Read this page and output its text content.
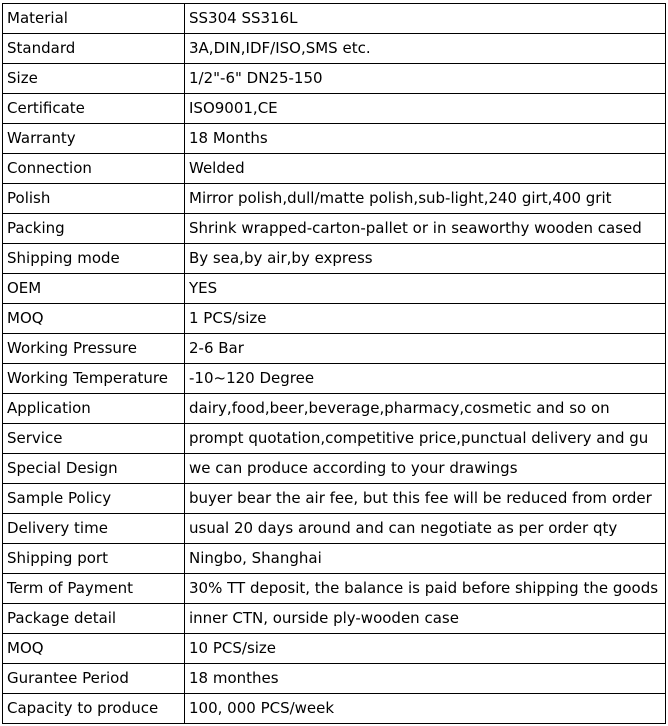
Material	SS304 SS316L
Standard	3A,DIN,IDF/ISO,SMS etc.
Size	1/2"-6" DN25-150
Certificate	ISO9001,CE
Warranty	18 Months
Connection	Welded
Polish	Mirror polish,dull/matte polish,sub-light,240 girt,400 grit
Packing	Shrink wrapped-carton-pallet or in seaworthy wooden cased
Shipping mode	By sea,by air,by express
OEM	YES
MOQ	1 PCS/size
Working Pressure	2-6 Bar
Working Temperature	-10~120 Degree
Application	dairy,food,beer,beverage,pharmacy,cosmetic and so on
Service	prompt quotation,competitive price,punctual delivery and gu
Special Design	we can produce according to your drawings
Sample Policy	buyer bear the air fee, but this fee will be reduced from order
Delivery time	usual 20 days around and can negotiate as per order qty
Shipping port	Ningbo, Shanghai
Term of Payment	30% TT deposit, the balance is paid before shipping the goods
Package detail	inner CTN, ourside ply-wooden case
MOQ	10 PCS/size
Gurantee Period	18 monthes
Capacity to produce	100, 000 PCS/week
